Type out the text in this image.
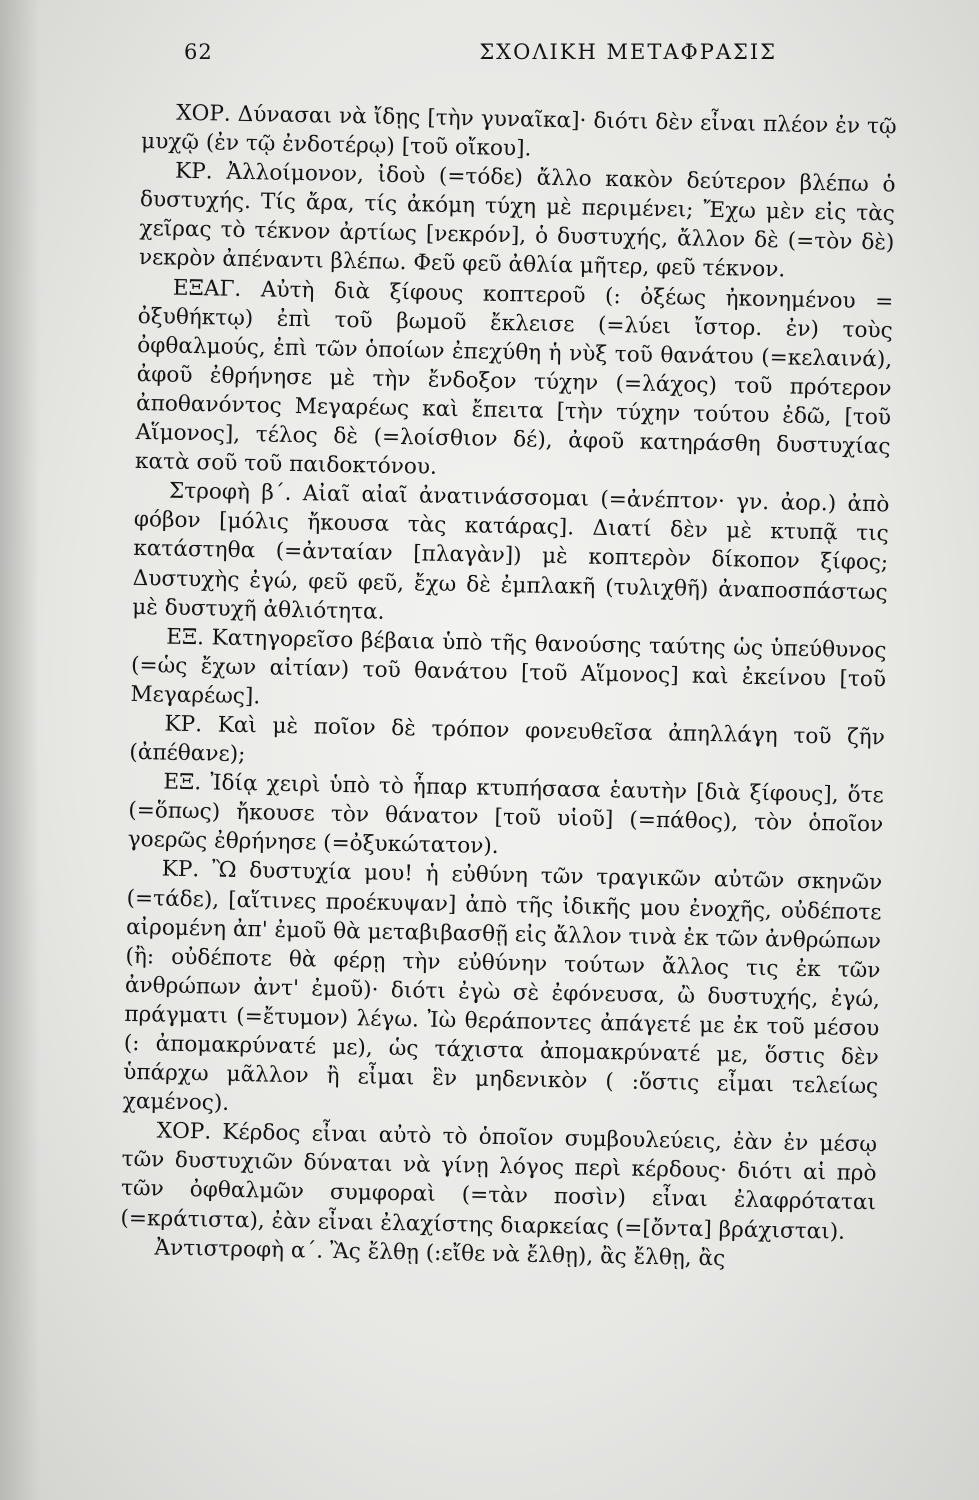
62	ΣΧΟΛΙΚΗ ΜΕΤΑΦΡΑΣΙΣ

ΧΟΡ. Δύνασαι νὰ ἴδῃς [τὴν γυναῖκα]· διότι δὲν εἶναι πλέον ἐν τῷ μυχῷ (ἐν τῷ ἐνδοτέρῳ) [τοῦ οἴκου].

ΚΡ. Ἀλλοίμονον, ἰδοὺ (=τόδε) ἄλλο κακὸν δεύτερον βλέπω ὁ δυστυχής. Τίς ἄρα, τίς ἀκόμη τύχη μὲ περιμένει; Ἔχω μὲν εἰς τὰς χεῖρας τὸ τέκνον ἀρτίως [νεκρόν], ὁ δυστυχής, ἄλλον δὲ (=τὸν δὲ) νεκρὸν ἀπέναντι βλέπω. Φεῦ φεῦ ἀθλία μῆτερ, φεῦ τέκνον.

ΕΞΑΓ. Αὐτὴ διὰ ξίφους κοπτεροῦ (: ὀξέως ἠκονημένου = ὀξυθήκτῳ) ἐπὶ τοῦ βωμοῦ ἔκλεισε (=λύει ἴστορ. ἐν) τοὺς ὀφθαλμούς, ἐπὶ τῶν ὁποίων ἐπεχύθη ἡ νὺξ τοῦ θανάτου (=κελαινά), ἀφοῦ ἐθρήνησε μὲ τὴν ἔνδοξον τύχην (=λάχος) τοῦ πρότερον ἀποθανόντος Μεγαρέως καὶ ἔπειτα [τὴν τύχην τούτου ἐδῶ, [τοῦ Αἵμονος], τέλος δὲ (=λοίσθιον δέ), ἀφοῦ κατηράσθη δυστυχίας κατὰ σοῦ τοῦ παιδοκτόνου.

Στροφὴ β΄. Αἰαῖ αἰαῖ ἀνατινάσσομαι (=ἀνέπτον· γν. ἀορ.) ἀπὸ φόβον [μόλις ἤκουσα τὰς κατάρας]. Διατί δὲν μὲ κτυπᾷ τις κατάστηθα (=ἀνταίαν [πλαγὰν]) μὲ κοπτερὸν δίκοπον ξίφος; Δυστυχὴς ἐγώ, φεῦ φεῦ, ἔχω δὲ ἐμπλακῆ (τυλιχθῆ) ἀναποσπάστως μὲ δυστυχῆ ἀθλιότητα.

ΕΞ. Κατηγορεῖσο βέβαια ὑπὸ τῆς θανούσης ταύτης ὡς ὑπεύθυνος (=ὡς ἔχων αἰτίαν) τοῦ θανάτου [τοῦ Αἵμονος] καὶ ἐκείνου [τοῦ Μεγαρέως].

ΚΡ. Καὶ μὲ ποῖον δὲ τρόπον φονευθεῖσα ἀπηλλάγη τοῦ ζῆν (ἀπέθανε);

ΕΞ. Ἰδίᾳ χειρὶ ὑπὸ τὸ ἧπαρ κτυπήσασα ἑαυτὴν [διὰ ξίφους], ὅτε (=ὅπως) ἤκουσε τὸν θάνατον [τοῦ υἱοῦ] (=πάθος), τὸν ὁποῖον γοερῶς ἐθρήνησε (=ὀξυκώτατον).

ΚΡ. Ὢ δυστυχία μου! ἡ εὐθύνη τῶν τραγικῶν αὐτῶν σκηνῶν (=τάδε), [αἵτινες προέκυψαν] ἀπὸ τῆς ἰδικῆς μου ἐνοχῆς, οὐδέποτε αἰρομένη ἀπ' ἐμοῦ θὰ μεταβιβασθῇ εἰς ἄλλον τινὰ ἐκ τῶν ἀνθρώπων (ἢ: οὐδέποτε θὰ φέρῃ τὴν εὐθύνην τούτων ἄλλος τις ἐκ τῶν ἀνθρώπων ἀντ' ἐμοῦ)· διότι ἐγὼ σὲ ἐφόνευσα, ὢ δυστυχής, ἐγώ, πράγματι (=ἔτυμον) λέγω. Ἰὼ θεράποντες ἀπάγετέ με ἐκ τοῦ μέσου (: ἀπομακρύνατέ με), ὡς τάχιστα ἀπομακρύνατέ με, ὅστις δὲν ὑπάρχω μᾶλλον ἢ εἶμαι ἓν μηδενικὸν ( :ὅστις εἶμαι τελείως χαμένος).

ΧΟΡ. Κέρδος εἶναι αὐτὸ τὸ ὁποῖον συμβουλεύεις, ἐὰν ἐν μέσῳ τῶν δυστυχιῶν δύναται νὰ γίνῃ λόγος περὶ κέρδους· διότι αἱ πρὸ τῶν ὀφθαλμῶν συμφοραὶ (=τὰν ποσὶν) εἶναι ἐλαφρόταται (=κράτιστα), ἐὰν εἶναι ἐλαχίστης διαρκείας (=[ὄντα] βράχισται).

Ἀντιστροφὴ α΄. Ἂς ἔλθῃ (:εἴθε νὰ ἔλθῃ), ἂς ἔλθῃ, ἂς
